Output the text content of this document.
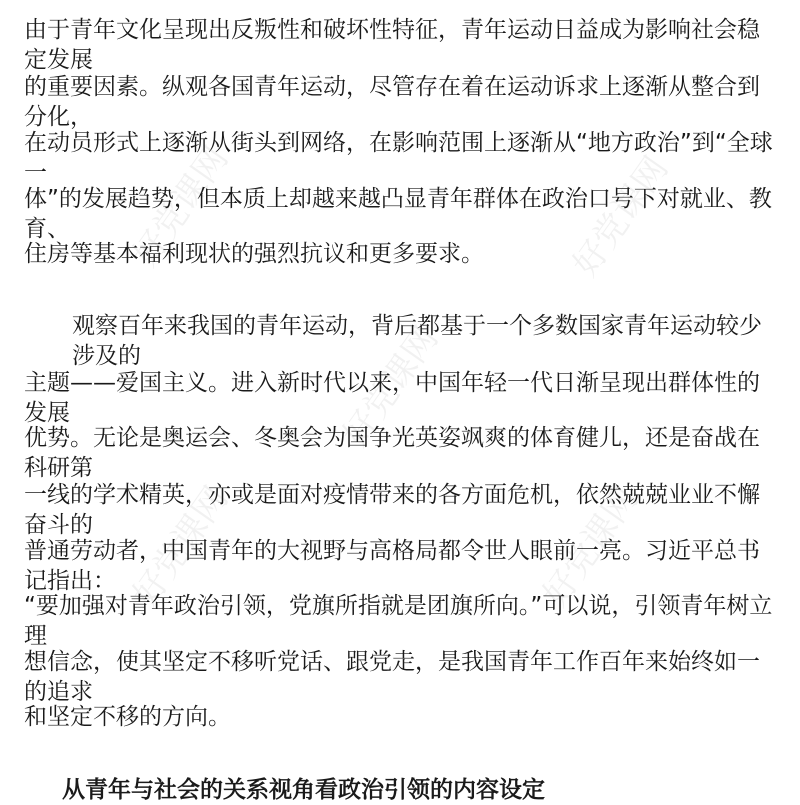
好党课网
好党课网
好党课网
好党课网
好党课网
由于青年文化呈现出反叛性和破坏性特征，青年运动日益成为影响社会稳定发展
的重要因素。纵观各国青年运动，尽管存在着在运动诉求上逐渐从整合到分化，
在动员形式上逐渐从街头到网络，在影响范围上逐渐从“地方政治”到“全球一
体”的发展趋势，但本质上却越来越凸显青年群体在政治口号下对就业、教育、
住房等基本福利现状的强烈抗议和更多要求。
观察百年来我国的青年运动，背后都基于一个多数国家青年运动较少涉及的
主题——爱国主义。进入新时代以来，中国年轻一代日渐呈现出群体性的发展
优势。无论是奥运会、冬奥会为国争光英姿飒爽的体育健儿，还是奋战在科研第
一线的学术精英，亦或是面对疫情带来的各方面危机，依然兢兢业业不懈奋斗的
普通劳动者，中国青年的大视野与高格局都令世人眼前一亮。习近平总书记指出：
“要加强对青年政治引领，党旗所指就是团旗所向。”可以说，引领青年树立理
想信念，使其坚定不移听党话、跟党走，是我国青年工作百年来始终如一的追求
和坚定不移的方向。
从青年与社会的关系视角看政治引领的内容设定
